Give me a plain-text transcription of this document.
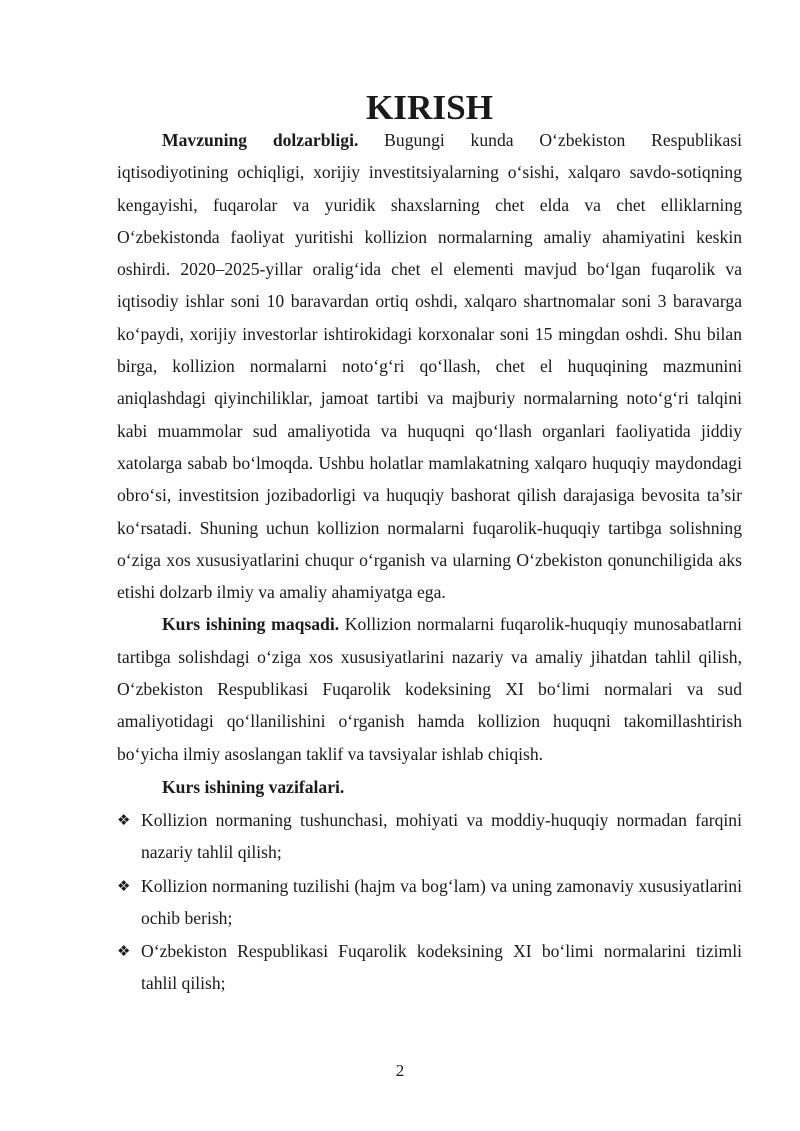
KIRISH

Mavzuning dolzarbligi. Bugungi kunda O‘zbekiston Respublikasi iqtisodiyotining ochiqligi, xorijiy investitsiyalarning o‘sishi, xalqaro savdo-sotiqning kengayishi, fuqarolar va yuridik shaxslarning chet elda va chet elliklarning O‘zbekistonda faoliyat yuritishi kollizion normalarning amaliy ahamiyatini keskin oshirdi. 2020–2025-yillar oralig‘ida chet el elementi mavjud bo‘lgan fuqarolik va iqtisodiy ishlar soni 10 baravardan ortiq oshdi, xalqaro shartnomalar soni 3 baravarga ko‘paydi, xorijiy investorlar ishtirokidagi korxonalar soni 15 mingdan oshdi. Shu bilan birga, kollizion normalarni noto‘g‘ri qo‘llash, chet el huquqining mazmunini aniqlashdagi qiyinchiliklar, jamoat tartibi va majburiy normalarning noto‘g‘ri talqini kabi muammolar sud amaliyotida va huquqni qo‘llash organlari faoliyatida jiddiy xatolarga sabab bo‘lmoqda. Ushbu holatlar mamlakatning xalqaro huquqiy maydondagi obro‘si, investitsion jozibadorligi va huquqiy bashorat qilish darajasiga bevosita ta’sir ko‘rsatadi. Shuning uchun kollizion normalarni fuqarolik-huquqiy tartibga solishning o‘ziga xos xususiyatlarini chuqur o‘rganish va ularning O‘zbekiston qonunchiligida aks etishi dolzarb ilmiy va amaliy ahamiyatga ega.

Kurs ishining maqsadi. Kollizion normalarni fuqarolik-huquqiy munosabatlarni tartibga solishdagi o‘ziga xos xususiyatlarini nazariy va amaliy jihatdan tahlil qilish, O‘zbekiston Respublikasi Fuqarolik kodeksining XI bo‘limi normalari va sud amaliyotidagi qo‘llanilishini o‘rganish hamda kollizion huquqni takomillashtirish bo‘yicha ilmiy asoslangan taklif va tavsiyalar ishlab chiqish.

Kurs ishining vazifalari.

❖ Kollizion normaning tushunchasi, mohiyati va moddiy-huquqiy normadan farqini nazariy tahlil qilish;
❖ Kollizion normaning tuzilishi (hajm va bog‘lam) va uning zamonaviy xususiyatlarini ochib berish;
❖ O‘zbekiston Respublikasi Fuqarolik kodeksining XI bo‘limi normalarini tizimli tahlil qilish;
2
